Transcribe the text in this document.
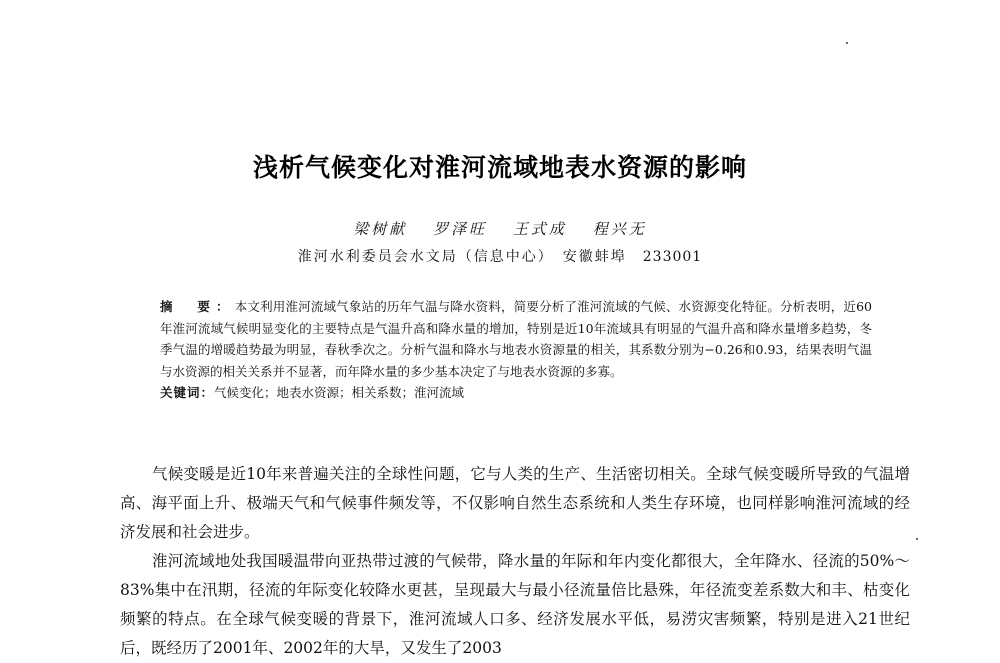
浅析气候变化对淮河流域地表水资源的影响
梁树献 罗泽旺 王式成 程兴无
淮河水利委员会水文局（信息中心）　安徽蚌埠 233001
摘　要：本文利用淮河流域气象站的历年气温与降水资料，简要分析了淮河流域的气候、水资源变化特征。分析表明，近60年淮河流域气候明显变化的主要特点是气温升高和降水量的增加，特别是近10年流域具有明显的气温升高和降水量增多趋势，冬季气温的增暖趋势最为明显，春秋季次之。分析气温和降水与地表水资源量的相关，其系数分别为−0.26和0.93，结果表明气温与水资源的相关关系并不显著，而年降水量的多少基本决定了与地表水资源的多寡。
关键词：气候变化；地表水资源；相关系数；淮河流域

气候变暖是近10年来普遍关注的全球性问题，它与人类的生产、生活密切相关。全球气候变暖所导致的气温增高、海平面上升、极端天气和气候事件频发等，不仅影响自然生态系统和人类生存环境，也同样影响淮河流域的经济发展和社会进步。

淮河流域地处我国暖温带向亚热带过渡的气候带，降水量的年际和年内变化都很大，全年降水、径流的50%～83%集中在汛期，径流的年际变化较降水更甚，呈现最大与最小径流量倍比悬殊，年径流变差系数大和丰、枯变化频繁的特点。在全球气候变暖的背景下，淮河流域人口多、经济发展水平低，易涝灾害频繁，特别是进入21世纪后，既经历了2001年、2002年的大旱，又发生了2003
